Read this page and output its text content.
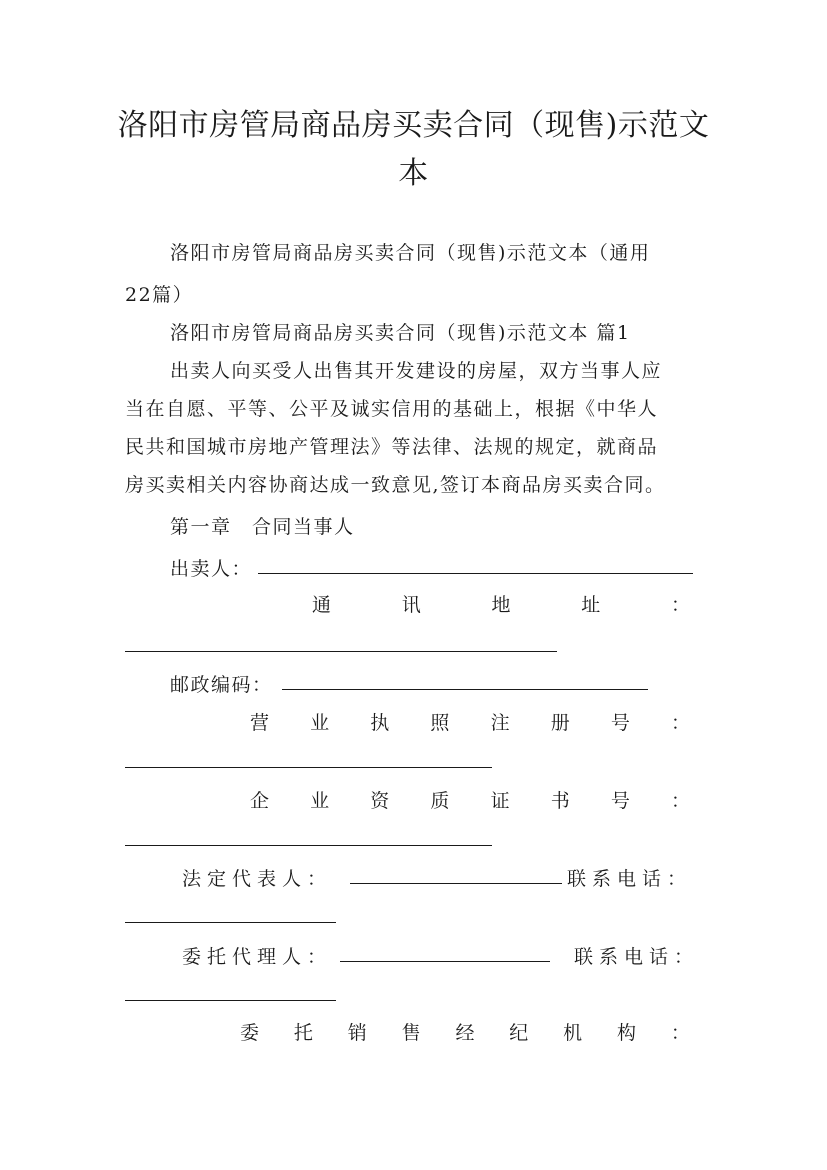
洛阳市房管局商品房买卖合同（现售)示范文本
洛阳市房管局商品房买卖合同（现售)示范文本（通用
22篇）
洛阳市房管局商品房买卖合同（现售)示范文本 篇1
出卖人向买受人出售其开发建设的房屋，双方当事人应
当在自愿、平等、公平及诚实信用的基础上，根据《中华人
民共和国城市房地产管理法》等法律、法规的规定，就商品
房买卖相关内容协商达成一致意见,签订本商品房买卖合同。
第一章　合同当事人
出卖人：
通	讯	地	址	：
邮政编码：
营 业 执 照 注 册 号 ：
企 业 资 质 证 书 号 ：
法定代表人：	联系电话：
委托代理人：	联系电话：
委 托 销 售 经 纪 机 构 ：
